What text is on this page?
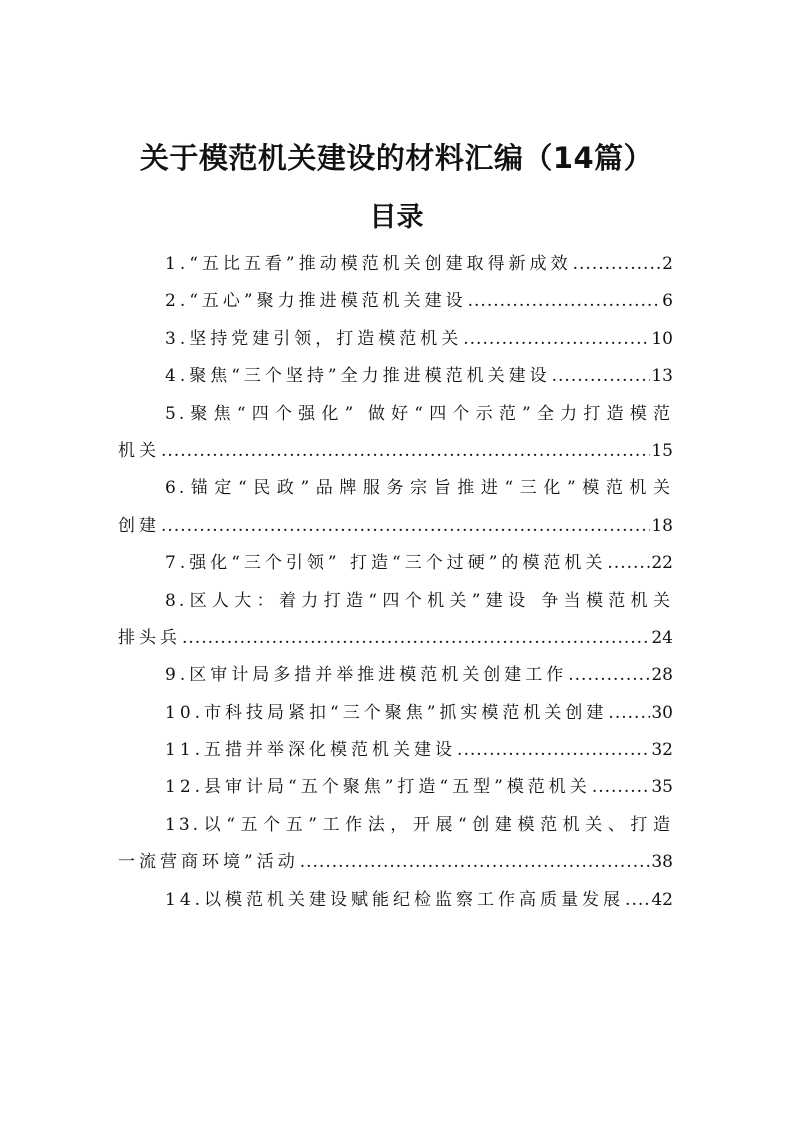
关于模范机关建设的材料汇编（14篇）
目录
1.“五比五看”推动模范机关创建取得新成效 .....	2
2.“五心”聚力推进模范机关建设 .....	6
3.坚持党建引领，打造模范机关 .....	10
4.聚焦“三个坚持”全力推进模范机关建设 .....	13
5.聚焦“四个强化” 做好“四个示范”全力打造模范
机关 .....	15
6.锚定“民政”品牌服务宗旨推进“三化”模范机关
创建 .....	18
7.强化“三个引领” 打造“三个过硬”的模范机关 .....	22
8.区人大：着力打造“四个机关”建设 争当模范机关
排头兵 .....	24
9.区审计局多措并举推进模范机关创建工作 .....	28
10.市科技局紧扣“三个聚焦”抓实模范机关创建 .....	30
11.五措并举深化模范机关建设 .....	32
12.县审计局“五个聚焦”打造“五型”模范机关 .....	35
13.以“五个五”工作法，开展“创建模范机关、打造
一流营商环境”活动 .....	38
14.以模范机关建设赋能纪检监察工作高质量发展 ..... 42
